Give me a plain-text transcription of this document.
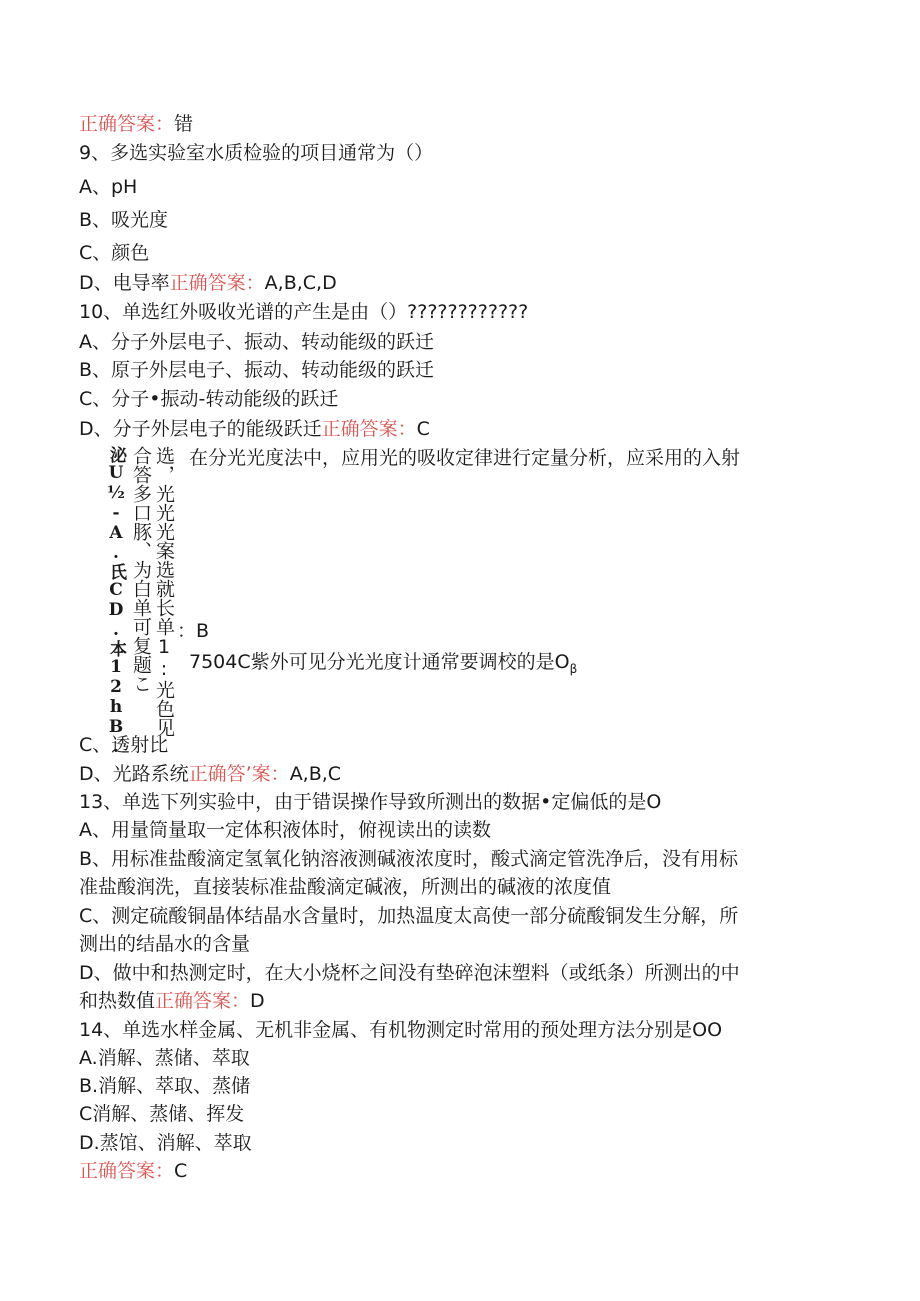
正确答案：错
9、多选实验室水质检验的项目通常为（）
A、pH
B、吸光度
C、颜色
D、电导率正确答案：A,B,C,D
10、单选红外吸收光谱的产生是由（）????????????
A、分子外层电子、振动、转动能级的跃迁
B、原子外层电子、振动、转动能级的跃迁
C、分子•振动-转动能级的跃迁
D、分子外层电子的能级跃迁正确答案：C
泌U½-A.氏CD.本12hB. 合答多口豚、为白单可复题こ 选，光光光案选就长单1:光色见 在分光光度法中，应用光的吸收定律进行定量分析，应采用的入射
：B
7504C紫外可见分光光度计通常要调校的是$O_\beta$
C、透射比
D、光路系统正确答’案：A,B,C
13、单选下列实验中，由于错误操作导致所测出的数据•定偏低的是O
A、用量筒量取一定体积液体时，俯视读出的读数
B、用标准盐酸滴定氢氧化钠溶液测碱液浓度时，酸式滴定管洗净后，没有用标
准盐酸润洗，直接装标准盐酸滴定碱液，所测出的碱液的浓度值
C、测定硫酸铜晶体结晶水含量时，加热温度太高使一部分硫酸铜发生分解，所
测出的结晶水的含量
D、做中和热测定时，在大小烧杯之间没有垫碎泡沫塑料（或纸条）所测出的中
和热数值正确答案：D
14、单选水样金属、无机非金属、有机物测定时常用的预处理方法分别是OO
A.消解、蒸储、萃取
B.消解、萃取、蒸储
C消解、蒸储、挥发
D.蒸馆、消解、萃取
正确答案：C
